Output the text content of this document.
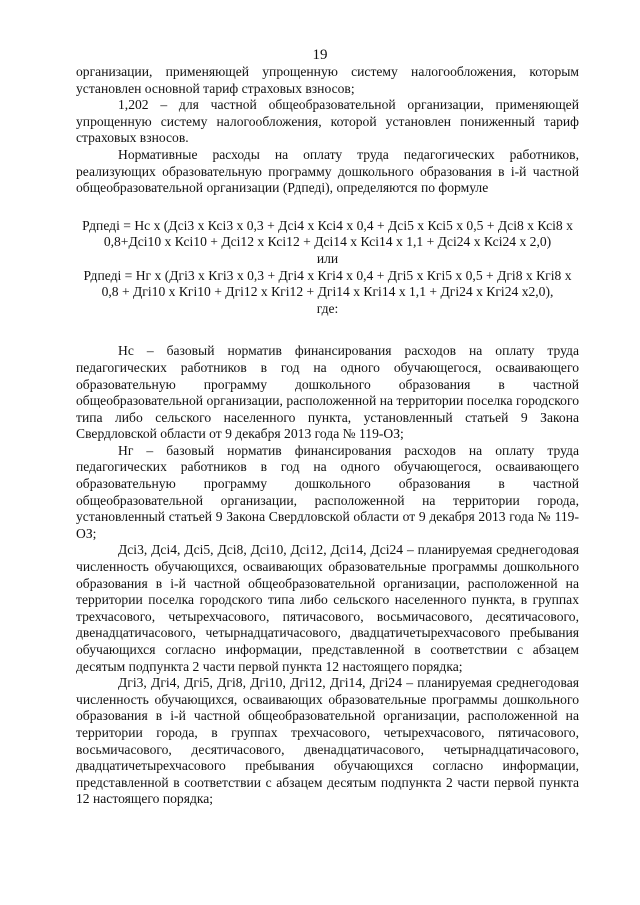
19

организации, применяющей упрощенную систему налогообложения, которым установлен основной тариф страховых взносов;

1,202 – для частной общеобразовательной организации, применяющей упрощенную систему налогообложения, которой установлен пониженный тариф страховых взносов.

Нормативные расходы на оплату труда педагогических работников, реализующих образовательную программу дошкольного образования в i-й частной общеобразовательной организации (Рдпедi), определяются по формуле

Рдпедi = Нс х (Дсi3 х Ксi3 х 0,3 + Дсi4 х Ксi4 х 0,4 + Дсi5 х Ксi5 х 0,5 + Дсi8 х Ксi8 х

0,8+Дсi10 х Ксi10 + Дсi12 х Ксi12 + Дсi14 х Ксi14 х 1,1 + Дсi24 х Ксi24 х 2,0)

или

Рдпедi = Нг х (Дгi3 х Кгi3 х 0,3 + Дгi4 х Кгi4 х 0,4 + Дгi5 х Кгi5 х 0,5 + Дгi8 х Кгi8 х

0,8 + Дгi10 х Кгi10 + Дгi12 х Кгi12 + Дгi14 х Кгi14 х 1,1 + Дгi24 х Кгi24 х2,0),

где:

Нс – базовый норматив финансирования расходов на оплату труда педагогических работников в год на одного обучающегося, осваивающего образовательную программу дошкольного образования в частной общеобразовательной организации, расположенной на территории поселка городского типа либо сельского населенного пункта, установленный статьей 9 Закона Свердловской области от 9 декабря 2013 года № 119-ОЗ;

Нг – базовый норматив финансирования расходов на оплату труда педагогических работников в год на одного обучающегося, осваивающего образовательную программу дошкольного образования в частной общеобразовательной организации, расположенной на территории города, установленный статьей 9 Закона Свердловской области от 9 декабря 2013 года № 119-ОЗ;

Дсi3, Дсi4, Дсi5, Дсi8, Дсi10, Дсi12, Дсi14, Дсi24 – планируемая среднегодовая численность обучающихся, осваивающих образовательные программы дошкольного образования в i-й частной общеобразовательной организации, расположенной на территории поселка городского типа либо сельского населенного пункта, в группах трехчасового, четырехчасового, пятичасового, восьмичасового, десятичасового, двенадцатичасового, четырнадцатичасового, двадцатичетырехчасового пребывания обучающихся согласно информации, представленной в соответствии с абзацем десятым подпункта 2 части первой пункта 12 настоящего порядка;

Дгi3, Дгi4, Дгi5, Дгi8, Дгi10, Дгi12, Дгi14, Дгi24 – планируемая среднегодовая численность обучающихся, осваивающих образовательные программы дошкольного образования в i-й частной общеобразовательной организации, расположенной на территории города, в группах трехчасового, четырехчасового, пятичасового, восьмичасового, десятичасового, двенадцатичасового, четырнадцатичасового, двадцатичетырехчасового пребывания обучающихся согласно информации, представленной в соответствии с абзацем десятым подпункта 2 части первой пункта 12 настоящего порядка;
